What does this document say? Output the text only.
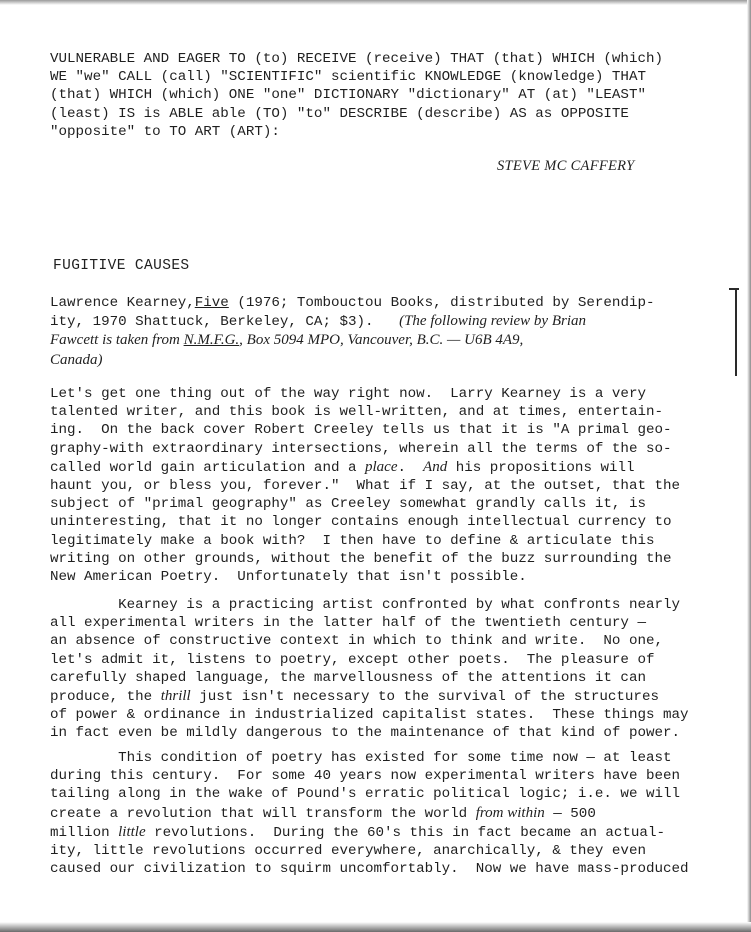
VULNERABLE AND EAGER TO (to) RECEIVE (receive) THAT (that) WHICH (which)
WE "we" CALL (call) "SCIENTIFIC" scientific KNOWLEDGE (knowledge) THAT
(that) WHICH (which) ONE "one" DICTIONARY "dictionary" AT (at) "LEAST"
(least) IS is ABLE able (TO) "to" DESCRIBE (describe) AS as OPPOSITE
"opposite" to TO ART (ART):

STEVE MC CAFFERY

FUGITIVE CAUSES
Lawrence Kearney,Five (1976; Tombouctou Books, distributed by Serendip-
ity, 1970 Shattuck, Berkeley, CA; $3).   (The following review by Brian
Fawcett is taken from N.M.F.G., Box 5094 MPO, Vancouver, B.C. — U6B 4A9,
Canada)
Let's get one thing out of the way right now.  Larry Kearney is a very
talented writer, and this book is well-written, and at times, entertain-
ing.  On the back cover Robert Creeley tells us that it is "A primal geo-
graphy-with extraordinary intersections, wherein all the terms of the so-
called world gain articulation and a place.  And his propositions will
haunt you, or bless you, forever."  What if I say, at the outset, that the
subject of "primal geography" as Creeley somewhat grandly calls it, is
uninteresting, that it no longer contains enough intellectual currency to
legitimately make a book with?  I then have to define & articulate this
writing on other grounds, without the benefit of the buzz surrounding the
New American Poetry.  Unfortunately that isn't possible.
Kearney is a practicing artist confronted by what confronts nearly
all experimental writers in the latter half of the twentieth century —
an absence of constructive context in which to think and write.  No one,
let's admit it, listens to poetry, except other poets.  The pleasure of
carefully shaped language, the marvellousness of the attentions it can
produce, the thrill just isn't necessary to the survival of the structures
of power & ordinance in industrialized capitalist states.  These things may
in fact even be mildly dangerous to the maintenance of that kind of power.
This condition of poetry has existed for some time now — at least
during this century.  For some 40 years now experimental writers have been
tailing along in the wake of Pound's erratic political logic; i.e. we will
create a revolution that will transform the world from within — 500
million little revolutions.  During the 60's this in fact became an actual-
ity, little revolutions occurred everywhere, anarchically, & they even
caused our civilization to squirm uncomfortably.  Now we have mass-produced
